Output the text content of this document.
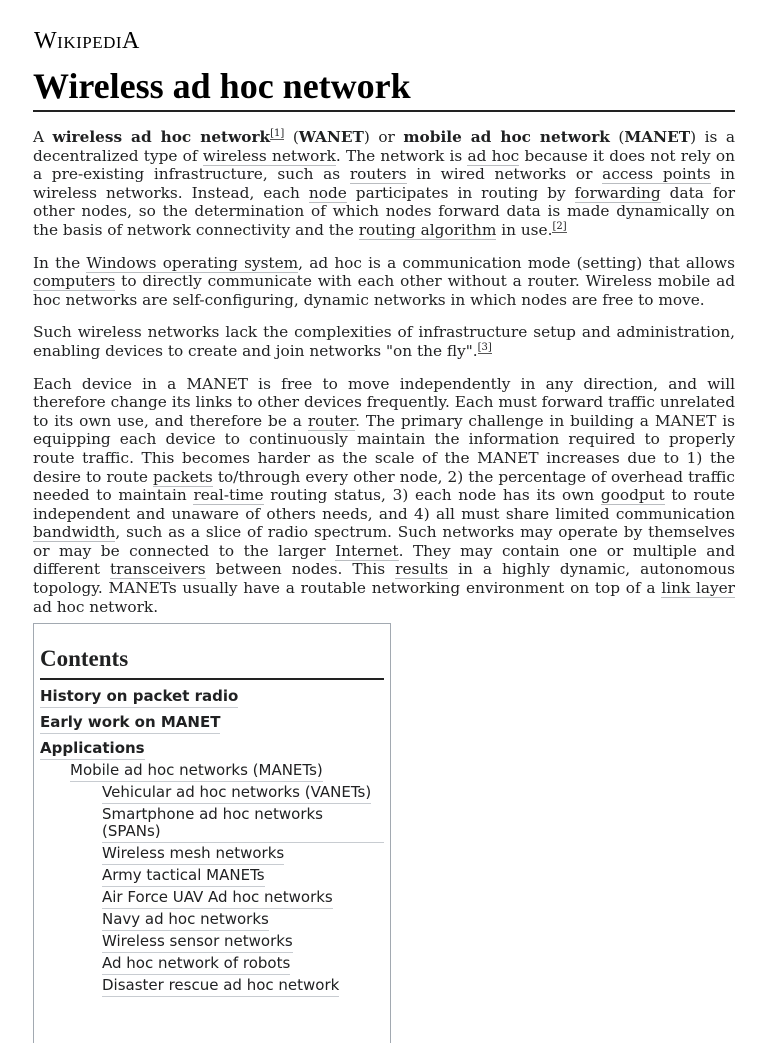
WIKIPEDIA
Wireless ad hoc network

A wireless ad hoc network[1] (WANET) or mobile ad hoc network (MANET) is a decentralized type of wireless network. The network is ad hoc because it does not rely on a pre-existing infrastructure, such as routers in wired networks or access points in wireless networks. Instead, each node participates in routing by forwarding data for other nodes, so the determination of which nodes forward data is made dynamically on the basis of network connectivity and the routing algorithm in use.[2]

In the Windows operating system, ad hoc is a communication mode (setting) that allows computers to directly communicate with each other without a router. Wireless mobile ad hoc networks are self-configuring, dynamic networks in which nodes are free to move.

Such wireless networks lack the complexities of infrastructure setup and administration, enabling devices to create and join networks "on the fly".[3]

Each device in a MANET is free to move independently in any direction, and will therefore change its links to other devices frequently. Each must forward traffic unrelated to its own use, and therefore be a router. The primary challenge in building a MANET is equipping each device to continuously maintain the information required to properly route traffic. This becomes harder as the scale of the MANET increases due to 1) the desire to route packets to/through every other node, 2) the percentage of overhead traffic needed to maintain real-time routing status, 3) each node has its own goodput to route independent and unaware of others needs, and 4) all must share limited communication bandwidth, such as a slice of radio spectrum. Such networks may operate by themselves or may be connected to the larger Internet. They may contain one or multiple and different transceivers between nodes. This results in a highly dynamic, autonomous topology. MANETs usually have a routable networking environment on top of a link layer ad hoc network.

Contents
History on packet radio
Early work on MANET
Applications
Mobile ad hoc networks (MANETs)
Vehicular ad hoc networks (VANETs)
Smartphone ad hoc networks (SPANs)
Wireless mesh networks
Army tactical MANETs
Air Force UAV Ad hoc networks
Navy ad hoc networks
Wireless sensor networks
Ad hoc network of robots
Disaster rescue ad hoc network
